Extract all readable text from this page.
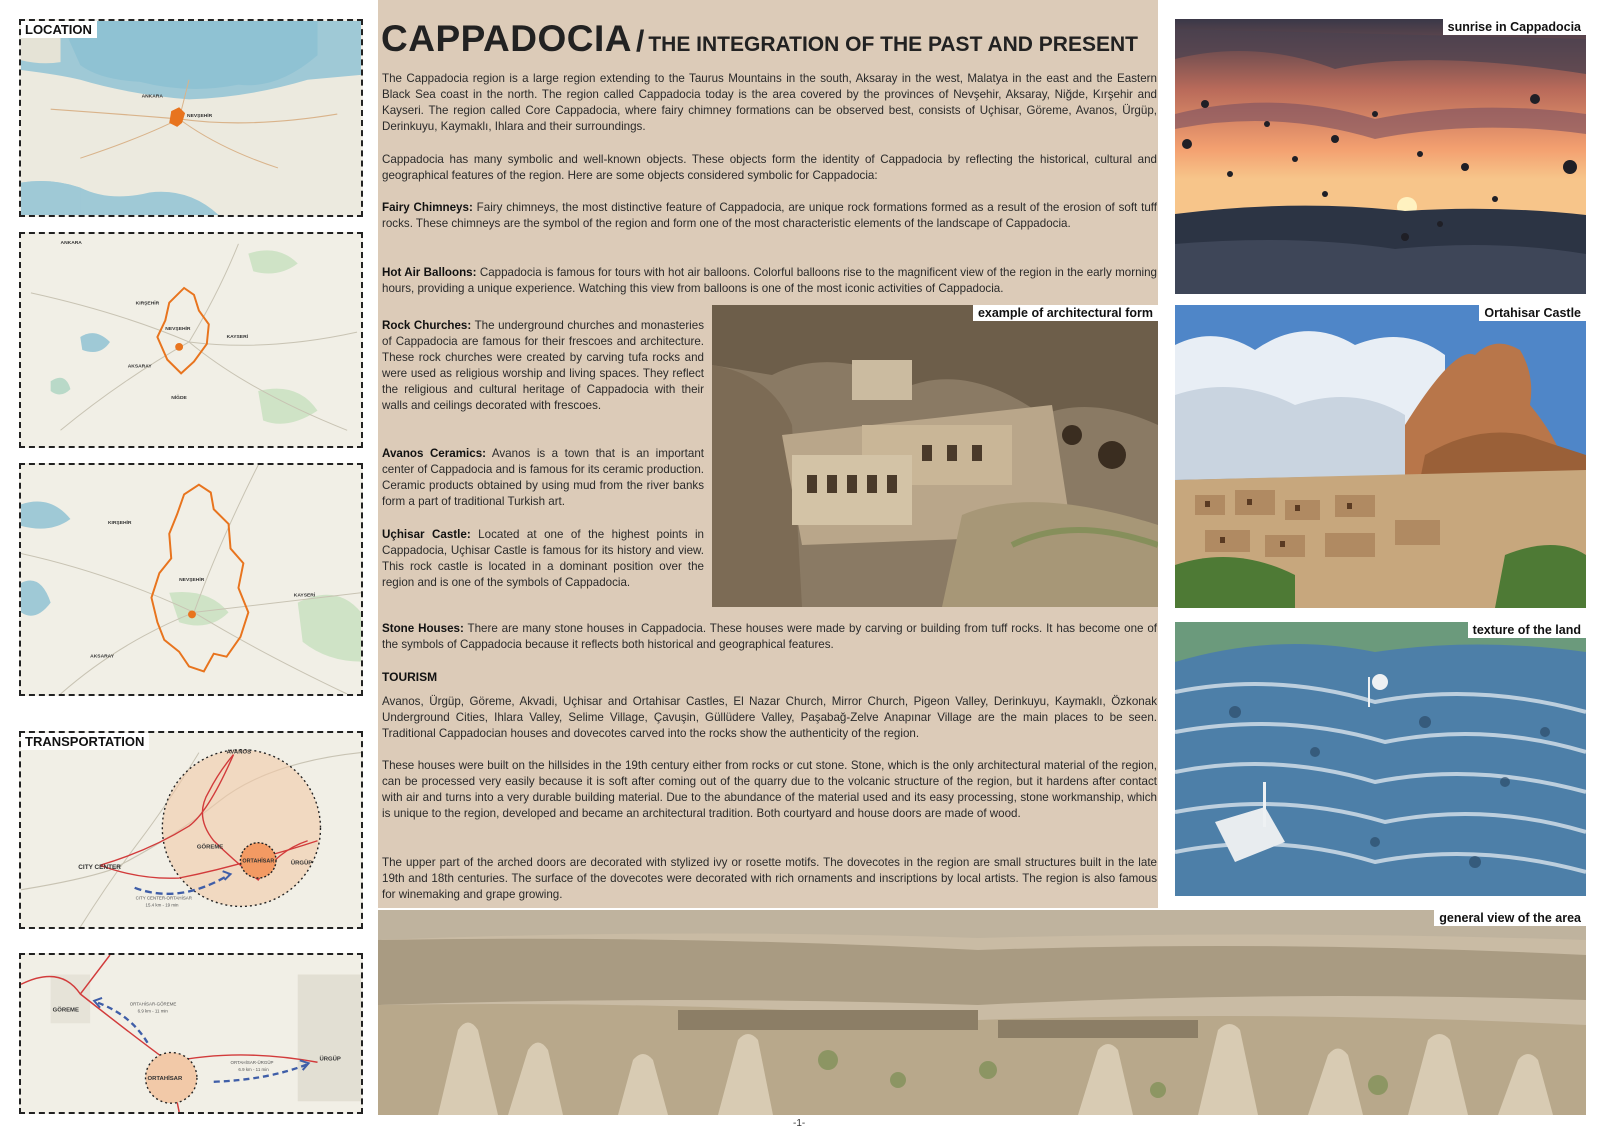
LOCATION
ANKARA
NEVŞEHİR
ANKARA
KIRŞEHİR
NEVŞEHİR
KAYSERİ
AKSARAY
NİĞDE
KIRŞEHİR
NEVŞEHİR
KAYSERİ
AKSARAY
TRANSPORTATION
AVANOS
GÖREME
ÜRGÜP
CITY CENTER
ORTAHİSAR
CITY CENTER-ORTAHİSAR
15.4 km - 19 min
GÖREME
ORTAHİSAR
ÜRGÜP
ORTAHİSAR-GÖREME
6.9 km - 11 min
ORTAHİSAR-ÜRGÜP
6.9 km - 11 min
CAPPADOCIA / THE INTEGRATION OF THE PAST AND PRESENT

The Cappadocia region is a large region extending to the Taurus Mountains in the south, Aksaray in the west, Malatya in the east and the Eastern Black Sea coast in the north. The region called Cappadocia today is the area covered by the provinces of Nevşehir, Aksaray, Niğde, Kırşehir and Kayseri. The region called Core Cappadocia, where fairy chimney formations can be observed best, consists of Uçhisar, Göreme, Avanos, Ürgüp, Derinkuyu, Kaymaklı, Ihlara and their surroundings.

Cappadocia has many symbolic and well-known objects. These objects form the identity of Cappadocia by reflecting the historical, cultural and geographical features of the region. Here are some objects considered symbolic for Cappadocia:

Fairy Chimneys: Fairy chimneys, the most distinctive feature of Cappadocia, are unique rock formations formed as a result of the erosion of soft tuff rocks. These chimneys are the symbol of the region and form one of the most characteristic elements of the landscape of Cappadocia.

Hot Air Balloons: Cappadocia is famous for tours with hot air balloons. Colorful balloons rise to the magnificent view of the region in the early morning hours, providing a unique experience. Watching this view from balloons is one of the most iconic activities of Cappadocia.

Rock Churches: The underground churches and monasteries of Cappadocia are famous for their frescoes and architecture. These rock churches were created by carving tufa rocks and were used as religious worship and living spaces. They reflect the religious and cultural heritage of Cappadocia with their walls and ceilings decorated with frescoes.

Avanos Ceramics: Avanos is a town that is an important center of Cappadocia and is famous for its ceramic production. Ceramic products obtained by using mud from the river banks form a part of traditional Turkish art.

Uçhisar Castle: Located at one of the highest points in Cappadocia, Uçhisar Castle is famous for its history and view. This rock castle is located in a dominant position over the region and is one of the symbols of Cappadocia.

Stone Houses: There are many stone houses in Cappadocia. These houses were made by carving or building from tuff rocks. It has become one of the symbols of Cappadocia because it reflects both historical and geographical features.

TOURISM

Avanos, Ürgüp, Göreme, Akvadi, Uçhisar and Ortahisar Castles, El Nazar Church, Mirror Church, Pigeon Valley, Derinkuyu, Kaymaklı, Özkonak Underground Cities, Ihlara Valley, Selime Village, Çavuşin, Güllüdere Valley, Paşabağ-Zelve Anapınar Village are the main places to be seen. Traditional Cappadocian houses and dovecotes carved into the rocks show the authenticity of the region.

These houses were built on the hillsides in the 19th century either from rocks or cut stone. Stone, which is the only architectural material of the region, can be processed very easily because it is soft after coming out of the quarry due to the volcanic structure of the region, but it hardens after contact with air and turns into a very durable building material. Due to the abundance of the material used and its easy processing, stone workmanship, which is unique to the region, developed and became an architectural tradition. Both courtyard and house doors are made of wood.

The upper part of the arched doors are decorated with stylized ivy or rosette motifs. The dovecotes in the region are small structures built in the late 19th and 18th centuries. The surface of the dovecotes were decorated with rich ornaments and inscriptions by local artists. The region is also famous for winemaking and grape growing.

example of architectural form
sunrise in Cappadocia
Ortahisar Castle
texture of the land
general view of the area
-1-
